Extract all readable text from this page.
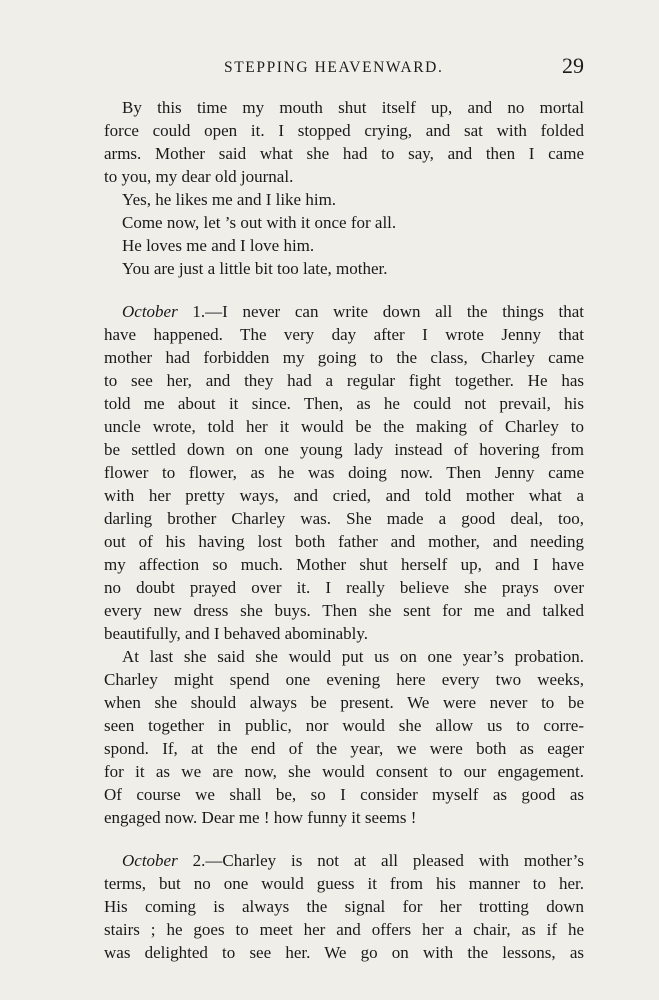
STEPPING HEAVENWARD.	29
By this time my mouth shut itself up, and no mortal
force could open it. I stopped crying, and sat with folded
arms. Mother said what she had to say, and then I came
to you, my dear old journal.
Yes, he likes me and I like him.
Come now, let ’s out with it once for all.
He loves me and I love him.
You are just a little bit too late, mother.
October 1.—I never can write down all the things that
have happened. The very day after I wrote Jenny that
mother had forbidden my going to the class, Charley came
to see her, and they had a regular fight together. He has
told me about it since. Then, as he could not prevail, his
uncle wrote, told her it would be the making of Charley to
be settled down on one young lady instead of hovering from
flower to flower, as he was doing now. Then Jenny came
with her pretty ways, and cried, and told mother what a
darling brother Charley was. She made a good deal, too,
out of his having lost both father and mother, and needing
my affection so much. Mother shut herself up, and I have
no doubt prayed over it. I really believe she prays over
every new dress she buys. Then she sent for me and talked
beautifully, and I behaved abominably.
At last she said she would put us on one year’s probation.
Charley might spend one evening here every two weeks,
when she should always be present. We were never to be
seen together in public, nor would she allow us to corre-
spond. If, at the end of the year, we were both as eager
for it as we are now, she would consent to our engagement.
Of course we shall be, so I consider myself as good as
engaged now. Dear me ! how funny it seems !
October 2.—Charley is not at all pleased with mother’s
terms, but no one would guess it from his manner to her.
His coming is always the signal for her trotting down
stairs ; he goes to meet her and offers her a chair, as if he
was delighted to see her. We go on with the lessons, as
